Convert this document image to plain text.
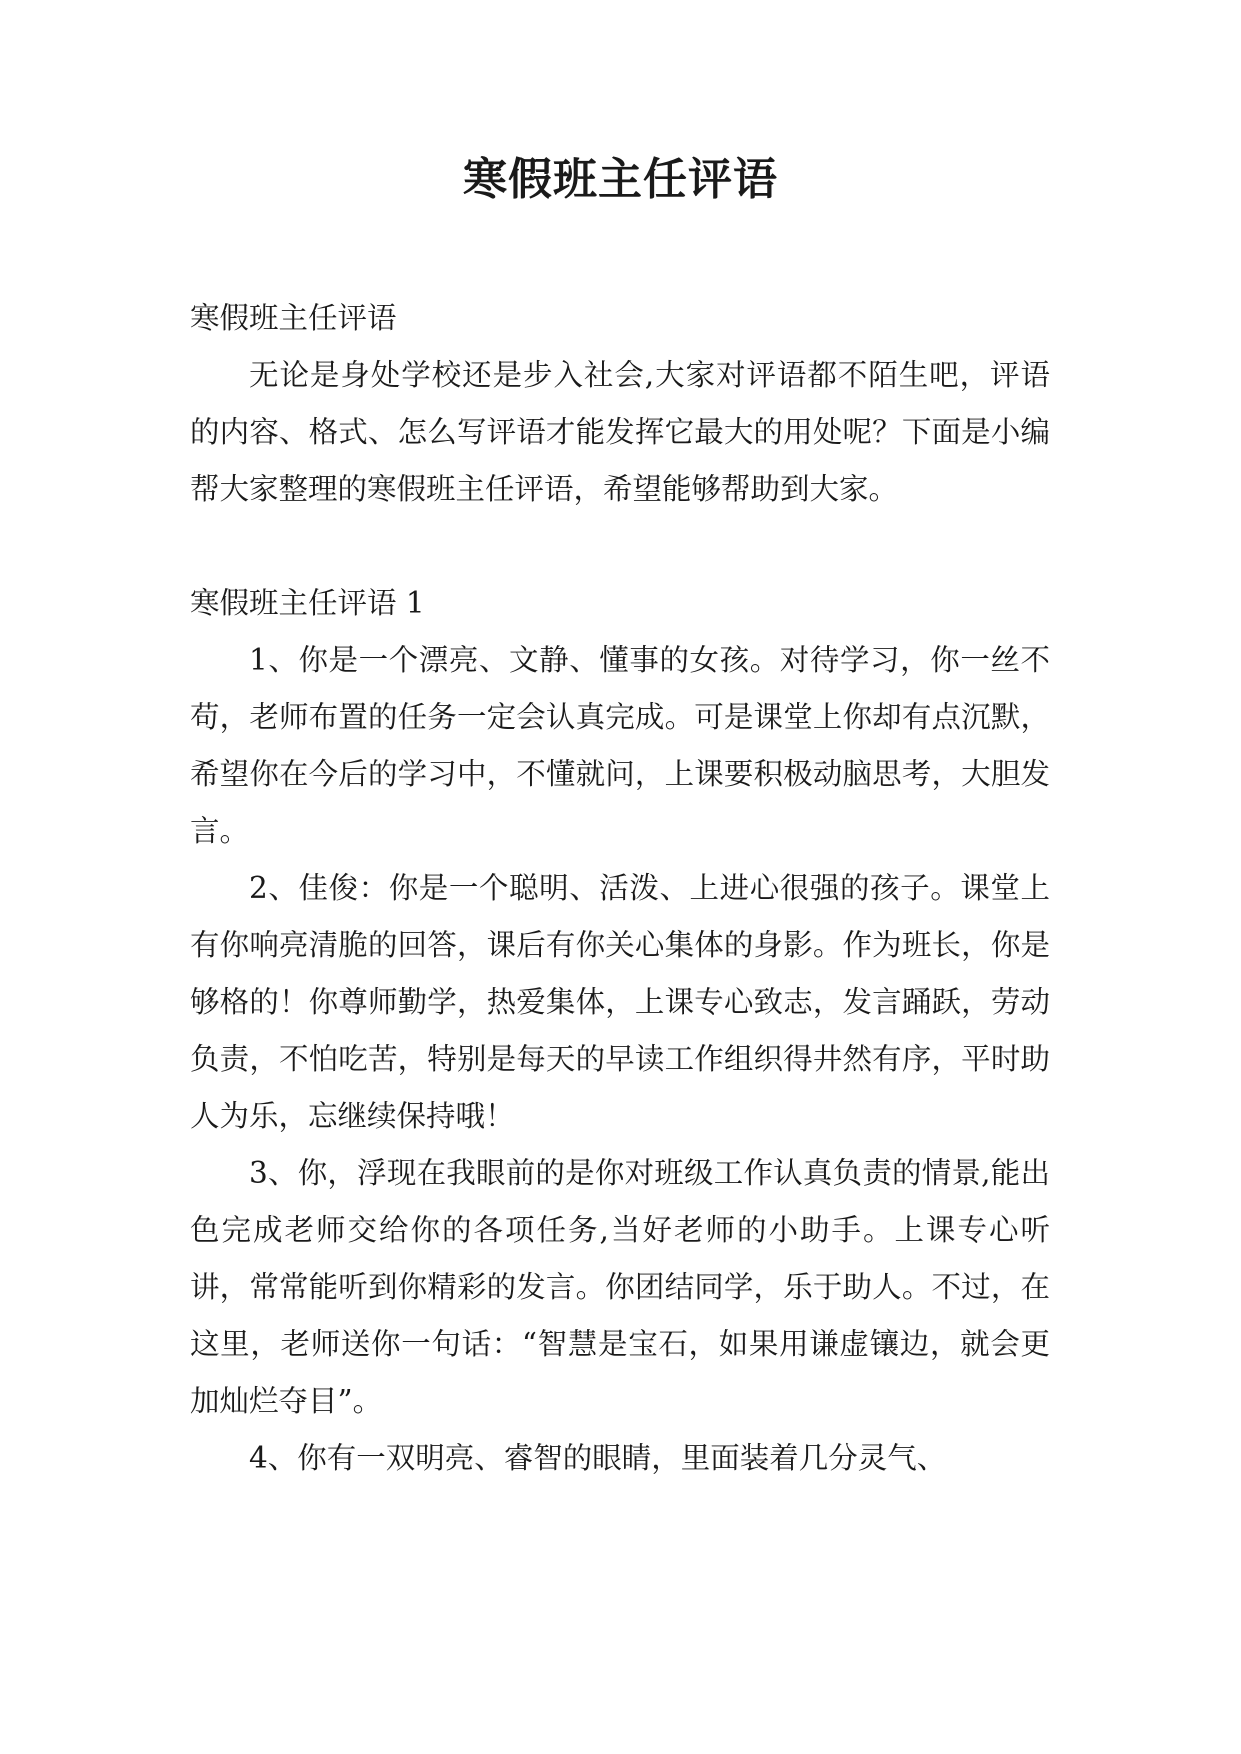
寒假班主任评语

寒假班主任评语

无论是身处学校还是步入社会,大家对评语都不陌生吧，评语的内容、格式、怎么写评语才能发挥它最大的用处呢？下面是小编帮大家整理的寒假班主任评语，希望能够帮助到大家。

寒假班主任评语 1

1、你是一个漂亮、文静、懂事的女孩。对待学习，你一丝不苟，老师布置的任务一定会认真完成。可是课堂上你却有点沉默，希望你在今后的学习中，不懂就问，上课要积极动脑思考，大胆发言。

2、佳俊：你是一个聪明、活泼、上进心很强的孩子。课堂上有你响亮清脆的回答，课后有你关心集体的身影。作为班长，你是够格的！你尊师勤学，热爱集体，上课专心致志，发言踊跃，劳动负责，不怕吃苦，特别是每天的早读工作组织得井然有序，平时助人为乐，忘继续保持哦！

3、你，浮现在我眼前的是你对班级工作认真负责的情景,能出色完成老师交给你的各项任务,当好老师的小助手。上课专心听讲，常常能听到你精彩的发言。你团结同学，乐于助人。不过，在这里，老师送你一句话：“智慧是宝石，如果用谦虚镶边，就会更加灿烂夺目”。

4、你有一双明亮、睿智的眼睛，里面装着几分灵气、
